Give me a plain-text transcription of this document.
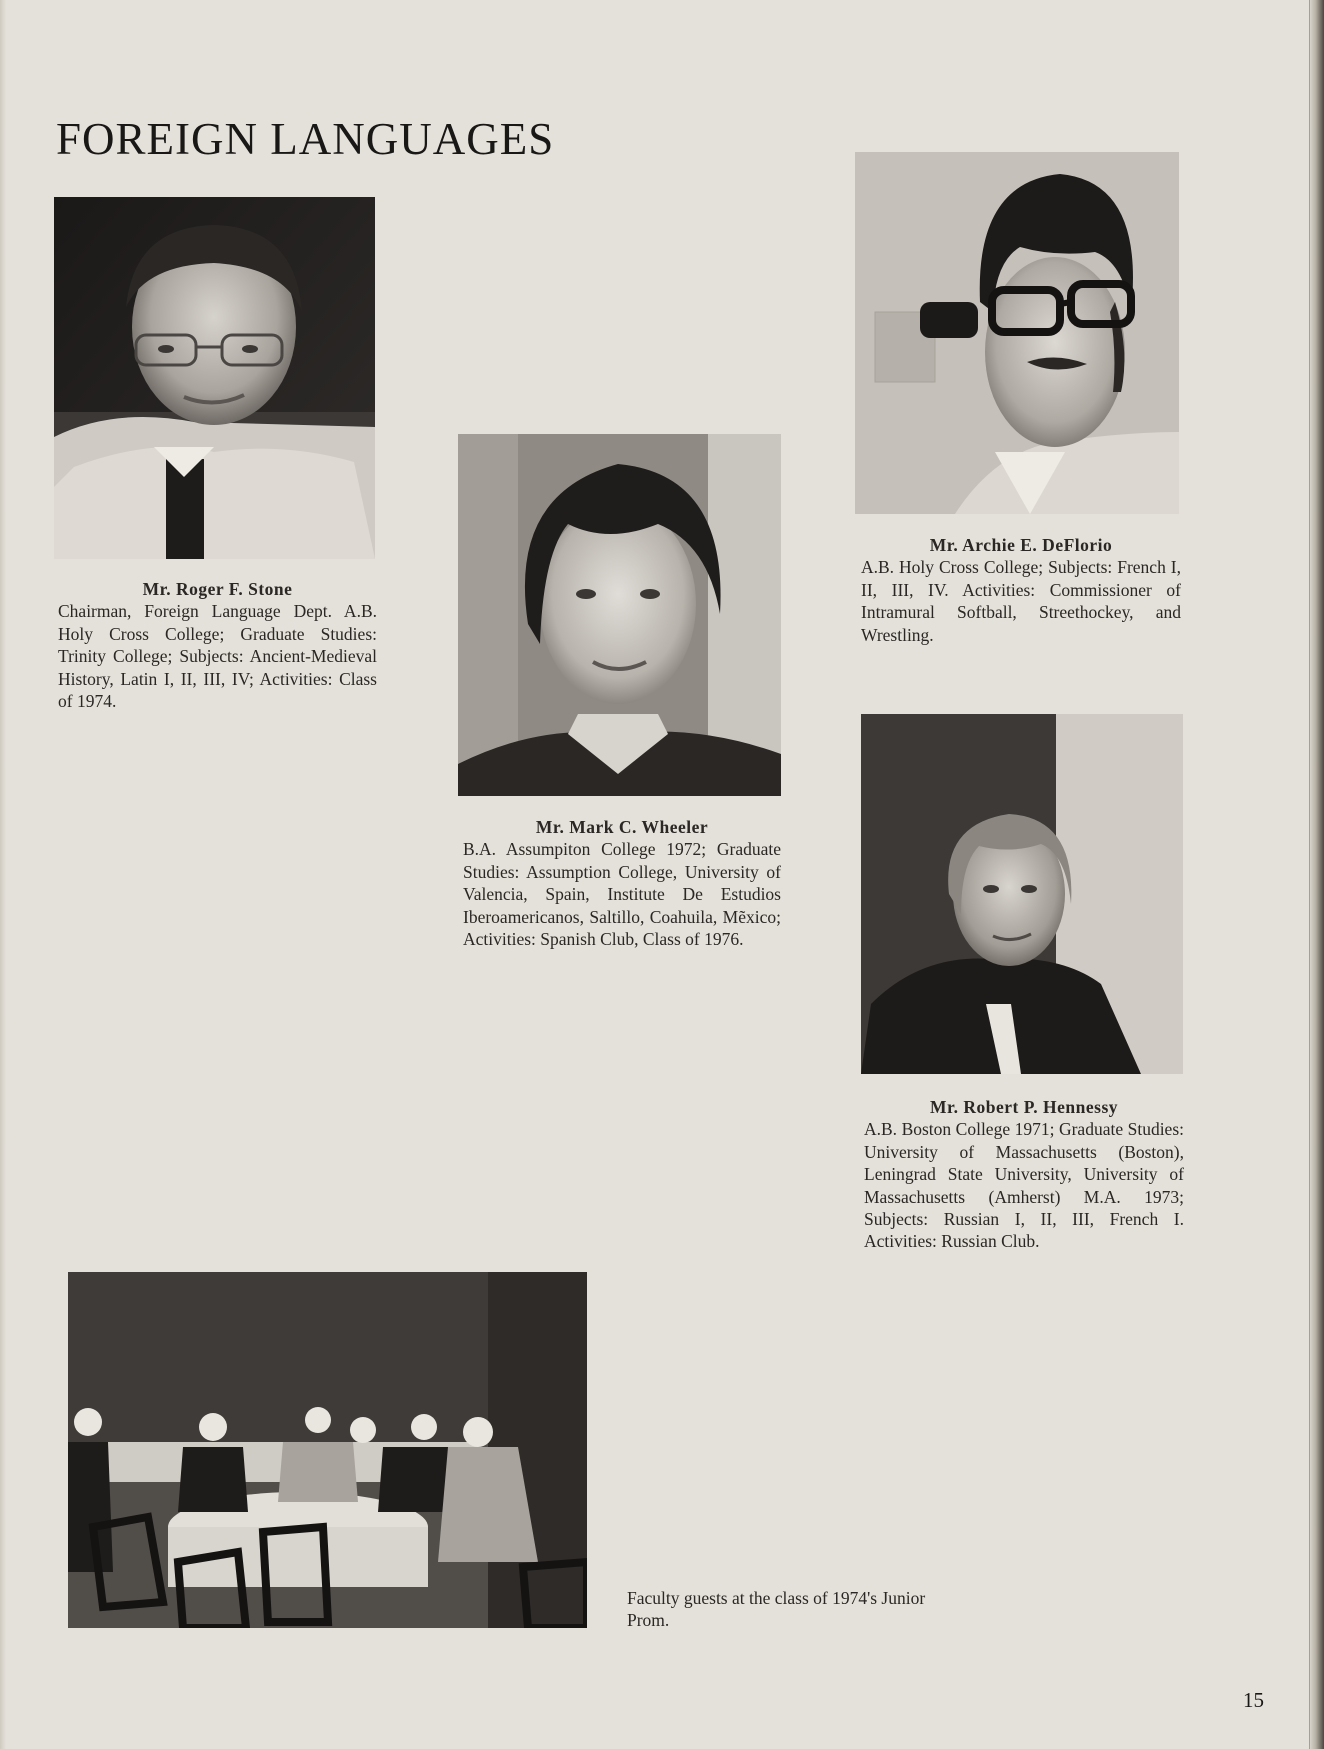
FOREIGN LANGUAGES
Mr. Roger F. Stone
Chairman, Foreign Language Dept. A.B. Holy Cross College; Graduate Studies: Trinity College; Subjects: Ancient-Medieval History, Latin I, II, III, IV; Activities: Class of 1974.
Mr. Mark C. Wheeler
B.A. Assumpiton College 1972; Graduate Studies: Assumption College, University of Valencia, Spain, Institute De Estudios Iberoamericanos, Saltillo, Coahuila, Mẽxico; Activities: Spanish Club, Class of 1976.
Mr. Archie E. DeFlorio
A.B. Holy Cross College; Subjects: French I, II, III, IV. Activities: Commissioner of Intramural Softball, Streethockey, and Wrestling.
Mr. Robert P. Hennessy
A.B. Boston College 1971; Graduate Studies: University of Massachusetts (Boston), Leningrad State University, University of Massachusetts (Amherst) M.A. 1973; Subjects: Russian I, II, III, French I. Activities: Russian Club.
Faculty guests at the class of 1974's Junior Prom.
15
